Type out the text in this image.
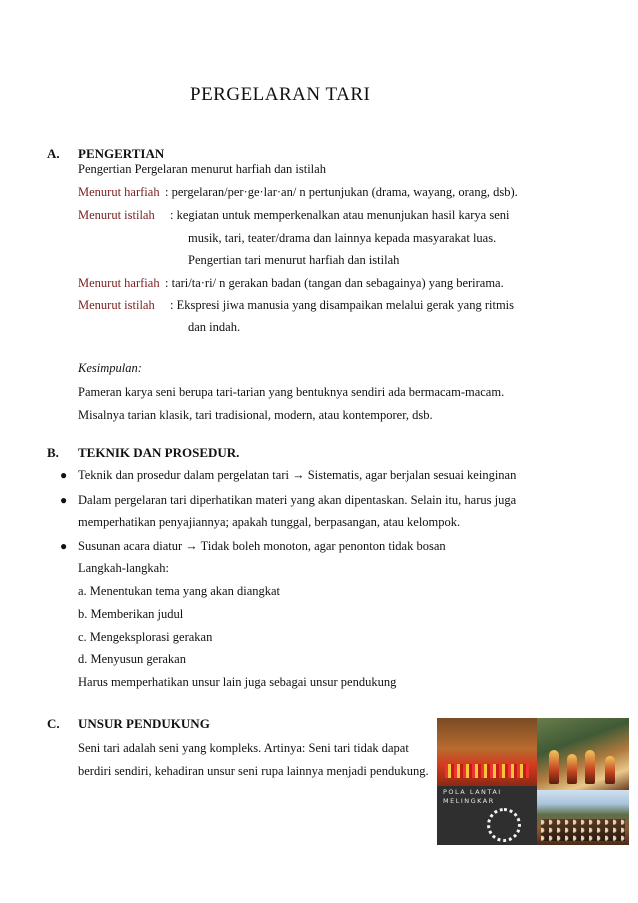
PERGELARAN TARI
A. PENGERTIAN
Pengertian Pergelaran menurut harfiah dan istilah
Menurut harfiah : pergelaran/per·ge·lar·an/ n pertunjukan (drama, wayang, orang, dsb).
Menurut istilah : kegiatan untuk memperkenalkan atau menunjukan hasil karya seni
musik, tari, teater/drama dan lainnya kepada masyarakat luas.
Pengertian tari menurut harfiah dan istilah
Menurut harfiah : tari/ta·ri/ n gerakan badan (tangan dan sebagainya) yang berirama.
Menurut istilah : Ekspresi jiwa manusia yang disampaikan melalui gerak yang ritmis
dan indah.
Kesimpulan:
Pameran karya seni berupa tari-tarian yang bentuknya sendiri ada bermacam-macam.
Misalnya tarian klasik, tari tradisional, modern, atau kontemporer, dsb.
B. TEKNIK DAN PROSEDUR.
● Teknik dan prosedur dalam pergelatan tari → Sistematis, agar berjalan sesuai keinginan
● Dalam pergelaran tari diperhatikan materi yang akan dipentaskan. Selain itu, harus juga
memperhatikan penyajiannya; apakah tunggal, berpasangan, atau kelompok.
● Susunan acara diatur → Tidak boleh monoton, agar penonton tidak bosan
Langkah-langkah:
a. Menentukan tema yang akan diangkat
b. Memberikan judul
c. Mengeksplorasi gerakan
d. Menyusun gerakan
Harus memperhatikan unsur lain juga sebagai unsur pendukung
C. UNSUR PENDUKUNG
Seni tari adalah seni yang kompleks. Artinya: Seni tari tidak dapat
berdiri sendiri, kehadiran unsur seni rupa lainnya menjadi pendukung.
POLA LANTAI
MELINGKAR
